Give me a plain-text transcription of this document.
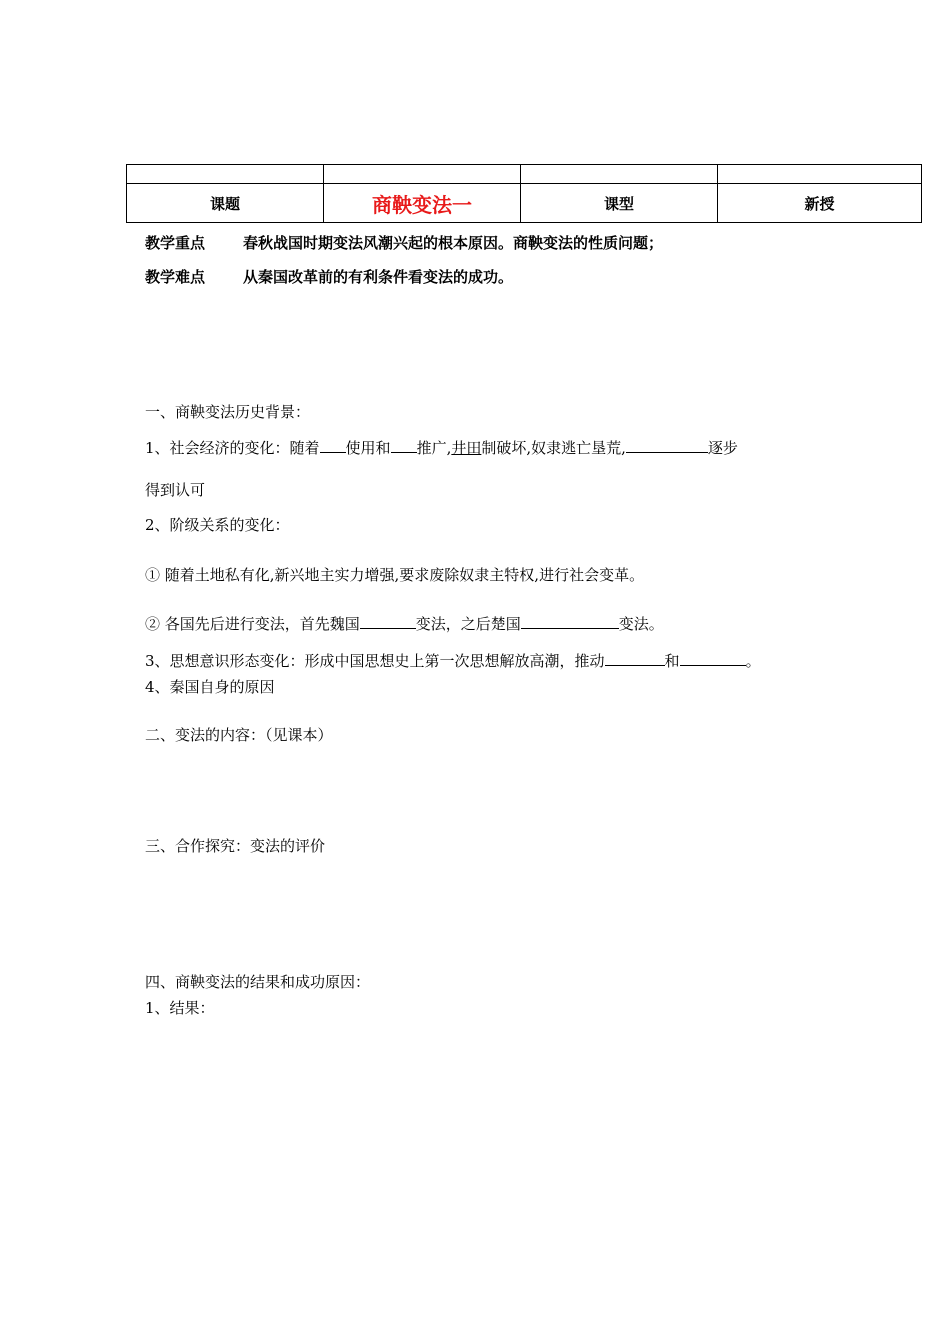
课题	商鞅变法一	课型	新授
教学重点	春秋战国时期变法风潮兴起的根本原因。商鞅变法的性质问题；
教学难点	从秦国改革前的有利条件看变法的成功。
一、商鞅变法历史背景：
1、社会经济的变化：随着 使用和 推广,井田制破坏,奴隶逃亡垦荒,	逐步
得到认可
2、阶级关系的变化：
① 随着土地私有化,新兴地主实力增强,要求废除奴隶主特权,进行社会变革。
② 各国先后进行变法，首先魏国	变法，之后楚国	变法。
3、思想意识形态变化：形成中国思想史上第一次思想解放高潮，推动	和	。
4、秦国自身的原因
二、变法的内容：（见课本）
三、合作探究：变法的评价
四、商鞅变法的结果和成功原因：
1、结果：
